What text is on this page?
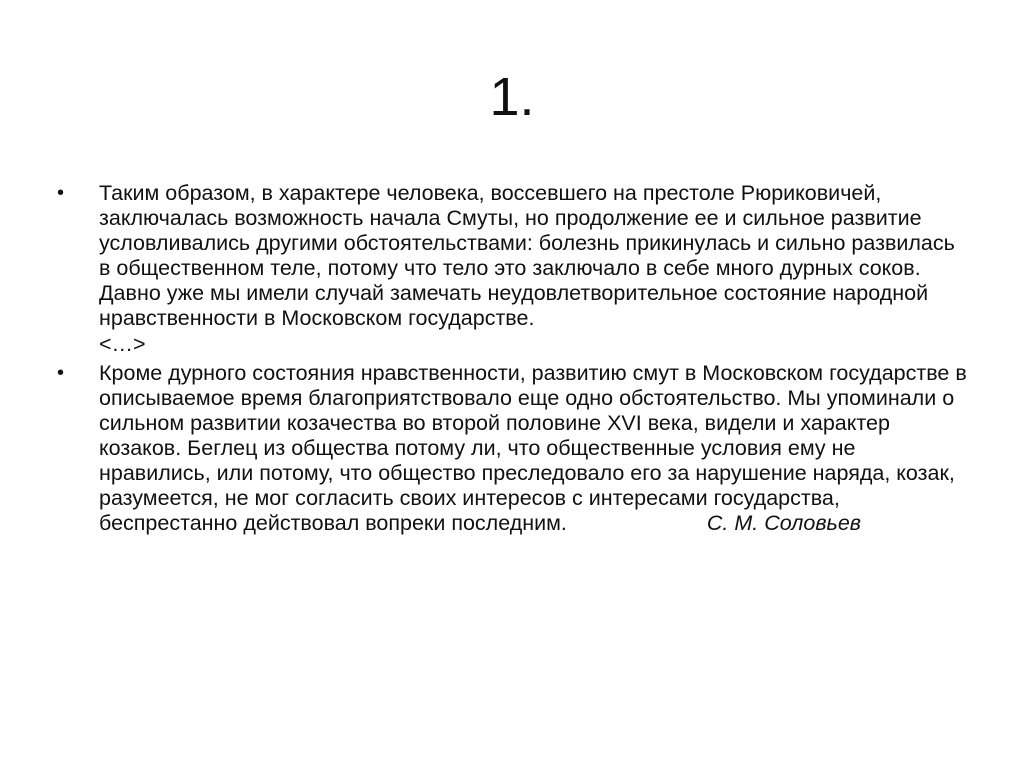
1.
• Таким образом, в характере человека, воссевшего на престоле Рюриковичей, заключалась возможность начала Смуты, но продолжение ее и сильное развитие условливались другими обстоятельствами: болезнь прикинулась и сильно развилась в общественном теле, потому что тело это заключало в себе много дурных соков. Давно уже мы имели случай замечать неудовлетворительное состояние народной нравственности в Московском государстве.
<…>
• Кроме дурного состояния нравственности, развитию смут в Московском государстве в описываемое время благоприятствовало еще одно обстоятельство. Мы упоминали о сильном развитии козачества во второй половине XVI века, видели и характер козаков. Беглец из общества потому ли, что общественные условия ему не нравились, или потому, что общество преследовало его за нарушение наряда, козак, разумеется, не мог согласить своих интересов с интересами государства, беспрестанно действовал вопреки последним.	С. М. Соловьев
